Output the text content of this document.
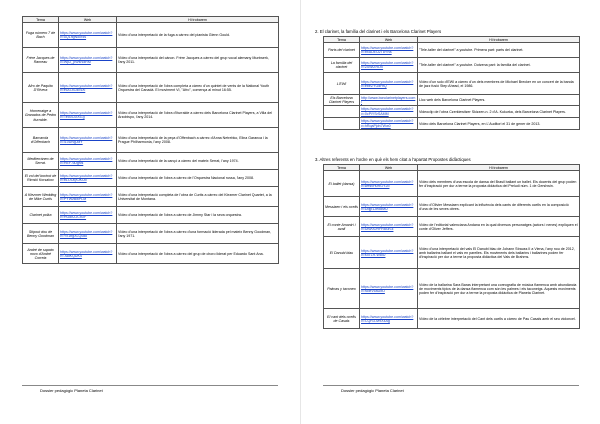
Tema	Web	Hi trobarem
Fuga número 7 de Bach	https://www.youtube.com/watch?v=uQ1ngNocr4s	Vídeo d'una interpretació de la fuga a càrrec del pianista Glenn Gould.
Frère Jacques de Rameau	https://www.youtube.com/watch?v=Wp2_pWsholRM	Vídeo d'una interpretació del cànon. Frère Jacques a càrrec del grup vocal alemany Muntwerk, l'any 2011.
Afro de Paquito D'Rivera	https://www.youtube.com/watch?v=eUu-4Cdc4Xl	Vídeo d'una interpretació de l'obra completa a càrrec d'un quintet de vents de la National Youth Orquestra del Canadà. El moviment VI, "Afro", comença al minut 16:55.
Homenatge a Granados de Pedro Iturralde.	https://www.youtube.com/watch?v=Teo0C0iX5-g	Vídeo d'una interpretació de l'obra d'Iturralde a càrrec dels Barcelona Clarinet Players, a Villa del Arzobispo, l'any 2014.
Barcarola d'Offenbach	https://www.youtube.com/watch?v=lL0UNgJlzY	Vídeo d'una interpretació de la peça d'Offenbach a càrrec d'Anna Netrebko, Elina Garanca i la Prague Philharmonia, l'any 2008.
Mediterráneo de Serrat.	https://www.youtube.com/watch?v=HEF7aJgNs	Vídeo d'una interpretació de la cançó a càrrec del mateix Serrat, l'any 1974.
El vol del borinot de Rimski Korsakov	https://www.youtube.com/watch?v=bLOOqXJKUo	Vídeo d'una interpretació de l'obra a càrrec de l'Orquestra Nacional russa, l'any 2008.
A Klezmer Wedding de Mike Curtis	https://www.youtube.com/watch?v=PYWzBwPLM	Vídeo d'una interpretació completa de l'obra de Curtis a càrrec del Klezmer Clarinet Quartet, a la Universitat de Montana.
Clarinet polka	https://www.youtube.com/watch?v=HG8hZJCxuY	Vídeo d'una interpretació de l'obra a càrrec de Jimmy Star i la seva orquestra.
Stipout dou de Benny Goodman	https://www.youtube.com/watch?v=Yx1bgXLQ08k	Vídeo d'una interpretació de l'obra a càrrec d'una formació liderada pel mateix Benny Goodman, l'any 1971.
André de sapato novo d'André Correia	https://www.youtube.com/watch?v=-s8lKQUK4	Vídeo d'una interpretació de l'obra a càrrec del grup de choro liderat per Eduardo Sant Ana.
Dossier pedagògic Planeta Clarinet
2. El clarinet, la família del clarinet i els Barcelona Clarinet Players
Tema	Web	Hi trobarem
Parts del clarinet	https://www.youtube.com/watch?v=bxADEU2T8YNs	"Tele-taller del clarinet" a youtube. Primera part: parts del clarinet.
La família del clarinet	https://www.youtube.com/watch?v=ZuWlZRLrc	"Tele-taller del clarinet" a youtube. Dotzena part: la família del clarinet.
L'EWI	https://www.youtube.com/watch?v=ebeZYGdHfQ	Vídeo d'un solo d'EWI a càrrec d'un dels membres de Michael Brecker en un concert de la banda de jazz fusió Step Ahead, el 1986.
Els Barcelona Clarinet Players	http://www.bcnclarinetplayers.com/	Lloc web dels Barcelona Clarinet Players.
	https://www.youtube.com/watch?v=0cPiYSrSAMM	Videoclip de l'obra Czerkiewitzer Skizzen-n. 2 d'A. Kukurka, dels Barcelona Clarinet Players.
	https://www.youtube.com/watch?v=hRqaPjdn7Ww0	Vídeo dels Barcelona Clarinet Players, en L'Auditori el 31 de gener de 2013.
3. Altres referents en l'ordre en què els hem citat a l'apartat Propostes didàctiques
Tema	Web	Hi trobarem
El ballet (dansa)	https://www.youtube.com/watch?v=wesvH0RGY2o	Vídeo dels membres d'una escola de dansa del Brasil ballant un ballet. Els docents del grup poden fer d'inspiració per dur a terme la proposta didàctica del Preludi núm. 1 de Gershwin.
Messiaen i els ocells	https://www.youtube.com/watch?v=Ddjp1Jeo8MU	Vídeo d'Olivier Messiaen explicant la influència dels cants de diferents ocells en la composició d'una de les seves obres.
El conte Amanirí i avall	https://www.youtube.com/watch?v=UlW0ORFRicuh-k	Vídeo de l'editorial valenciana Andana en la qual diversos personatges (actors i nenes) expliquen el conte d'Oliver Jeffers.
El Danubi blau	https://www.youtube.com/watch?v=sIlTLR-W8IU	Vídeo d'una interpretació del vals El Danubi blau de Johann Strauss II a Viena, l'any nou de 2012, amb ballarins ballant el vals en parelles. Els moviments dels ballarins i ballarines poden fer d'inspiració per dur a terme la proposta didàctica del Vals de Brahms.
Palmas y taconeo	https://www.youtube.com/watch?v=NdeVcaUibJ	Vídeo de la ballarina Sara Baras interpretant una coreografia de música flamenca amb abundància de moviments típics de la dansa flamenca com són les palmes i els taconeigs. Aquests moviments poden fer d'inspiració per dur a terme la proposta didàctica de Planeta Clarinet.
El cant dels ocells de Casals	https://www.youtube.com/watch?v=CQR3-M9X4Ag	Vídeo de la cèlebre interpretació del Cant dels ocells a càrrec de Pau Casals amb el seu violoncel.
Dossier pedagògic Planeta Clarinet
